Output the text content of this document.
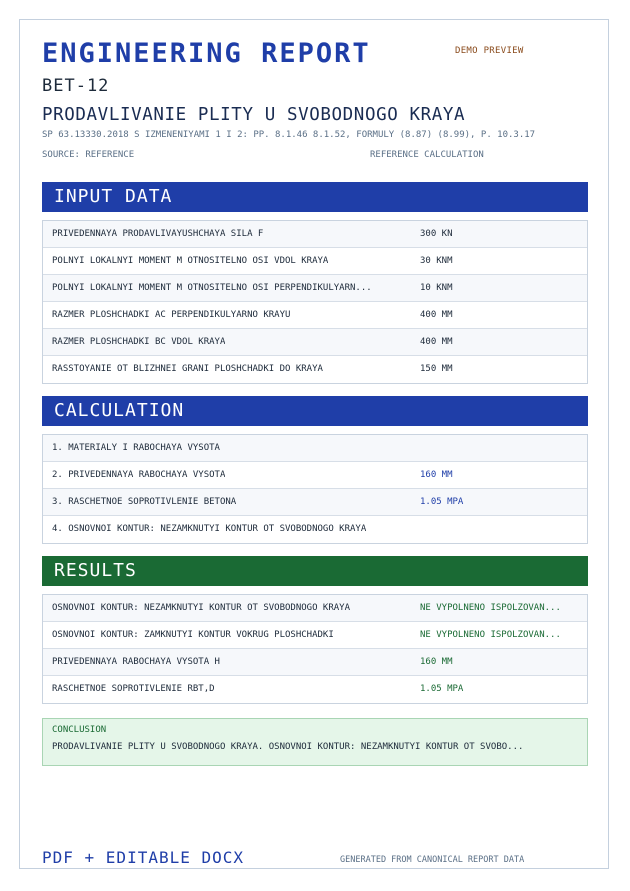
ENGINEERING REPORT	DEMO PREVIEW
BET-12
PRODAVLIVANIE PLITY U SVOBODNOGO KRAYA
SP 63.13330.2018 S IZMENENIYAMI 1 I 2: PP. 8.1.46 8.1.52, FORMULY (8.87) (8.99), P. 10.3.17
SOURCE: REFERENCE	REFERENCE CALCULATION
INPUT DATA
PRIVEDENNAYA PRODAVLIVAYUSHCHAYA SILA F	300 KN
POLNYI LOKALNYI MOMENT M OTNOSITELNO OSI VDOL KRAYA	30 KNM
POLNYI LOKALNYI MOMENT M OTNOSITELNO OSI PERPENDIKULYARN...	10 KNM
RAZMER PLOSHCHADKI AC PERPENDIKULYARNO KRAYU	400 MM
RAZMER PLOSHCHADKI BC VDOL KRAYA	400 MM
RASSTOYANIE OT BLIZHNEI GRANI PLOSHCHADKI DO KRAYA	150 MM
CALCULATION
1. MATERIALY I RABOCHAYA VYSOTA
2. PRIVEDENNAYA RABOCHAYA VYSOTA	160 MM
3. RASCHETNOE SOPROTIVLENIE BETONA	1.05 MPA
4. OSNOVNOI KONTUR: NEZAMKNUTYI KONTUR OT SVOBODNOGO KRAYA
RESULTS
OSNOVNOI KONTUR: NEZAMKNUTYI KONTUR OT SVOBODNOGO KRAYA	NE VYPOLNENO ISPOLZOVAN...
OSNOVNOI KONTUR: ZAMKNUTYI KONTUR VOKRUG PLOSHCHADKI	NE VYPOLNENO ISPOLZOVAN...
PRIVEDENNAYA RABOCHAYA VYSOTA H	160 MM
RASCHETNOE SOPROTIVLENIE RBT,D	1.05 MPA
CONCLUSION
PRODAVLIVANIE PLITY U SVOBODNOGO KRAYA. OSNOVNOI KONTUR: NEZAMKNUTYI KONTUR OT SVOBO...
PDF + EDITABLE DOCX	GENERATED FROM CANONICAL REPORT DATA
